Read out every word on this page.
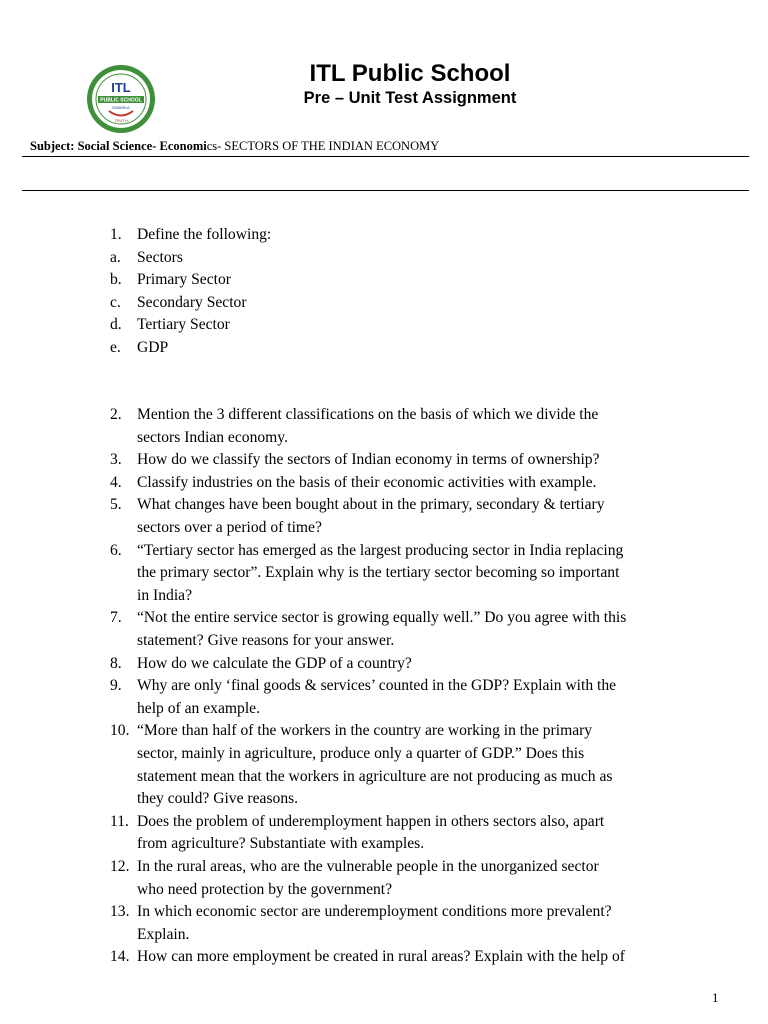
ITL
PUBLIC SCHOOL
DWARKA
TRUTH
ITL Public School
Pre – Unit Test Assignment
Subject: Social Science- Economics- SECTORS OF THE INDIAN ECONOMY
1. Define the following:
a.	Sectors
b. Primary Sector
c.	Secondary Sector
d. Tertiary Sector
e.	GDP
2. Mention the 3 different classifications on the basis of which we divide the
sectors Indian economy.
3. How do we classify the sectors of Indian economy in terms of ownership?
4. Classify industries on the basis of their economic activities with example.
5. What changes have been bought about in the primary, secondary & tertiary
sectors over a period of time?
6. “Tertiary sector has emerged as the largest producing sector in India replacing
the primary sector”. Explain why is the tertiary sector becoming so important
in India?
7. “Not the entire service sector is growing equally well.” Do you agree with this
statement? Give reasons for your answer.
8. How do we calculate the GDP of a country?
9. Why are only ‘final goods & services’ counted in the GDP? Explain with the
help of an example.
10. “More than half of the workers in the country are working in the primary
sector, mainly in agriculture, produce only a quarter of GDP.” Does this
statement mean that the workers in agriculture are not producing as much as
they could? Give reasons.
11. Does the problem of underemployment happen in others sectors also, apart
from agriculture? Substantiate with examples.
12. In the rural areas, who are the vulnerable people in the unorganized sector
who need protection by the government?
13. In which economic sector are underemployment conditions more prevalent?
Explain.
14. How can more employment be created in rural areas? Explain with the help of
1
